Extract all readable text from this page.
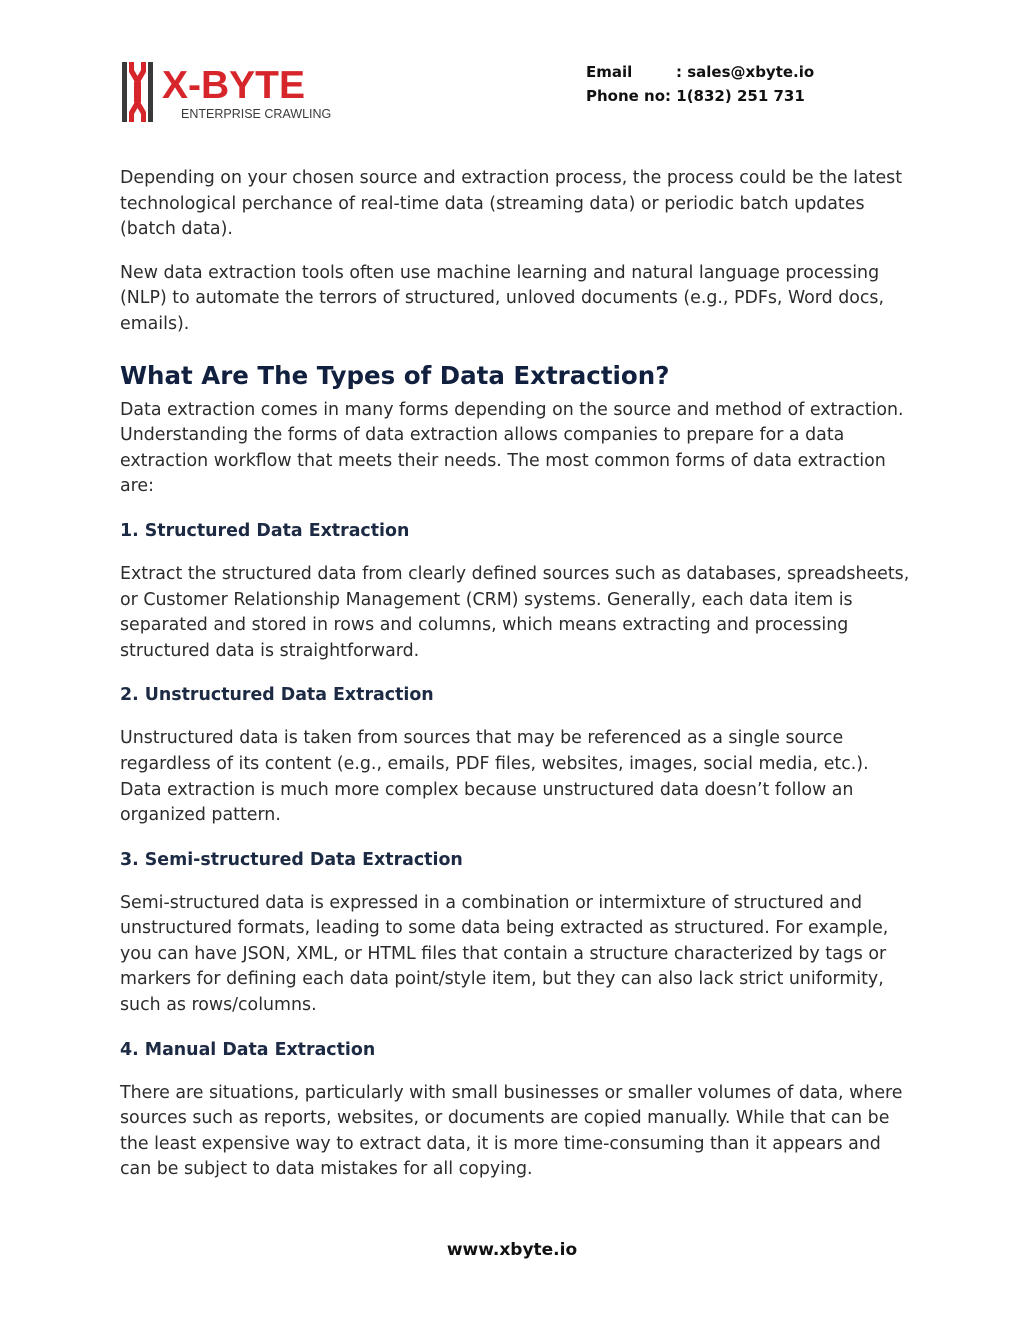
X-BYTE
ENTERPRISE CRAWLING
Email	: sales@xbyte.io
Phone no : 1(832) 251 731

Depending on your chosen source and extraction process, the process could be the latest technological perchance of real-time data (streaming data) or periodic batch updates (batch data).

New data extraction tools often use machine learning and natural language processing (NLP) to automate the terrors of structured, unloved documents (e.g., PDFs, Word docs, emails).

What Are The Types of Data Extraction?

Data extraction comes in many forms depending on the source and method of extraction. Understanding the forms of data extraction allows companies to prepare for a data extraction workflow that meets their needs. The most common forms of data extraction are:

1. Structured Data Extraction

Extract the structured data from clearly defined sources such as databases, spreadsheets, or Customer Relationship Management (CRM) systems. Generally, each data item is separated and stored in rows and columns, which means extracting and processing structured data is straightforward.

2. Unstructured Data Extraction

Unstructured data is taken from sources that may be referenced as a single source regardless of its content (e.g., emails, PDF files, websites, images, social media, etc.). Data extraction is much more complex because unstructured data doesn’t follow an organized pattern.

3. Semi-structured Data Extraction

Semi-structured data is expressed in a combination or intermixture of structured and unstructured formats, leading to some data being extracted as structured. For example, you can have JSON, XML, or HTML files that contain a structure characterized by tags or markers for defining each data point/style item, but they can also lack strict uniformity, such as rows/columns.

4. Manual Data Extraction

There are situations, particularly with small businesses or smaller volumes of data, where sources such as reports, websites, or documents are copied manually. While that can be the least expensive way to extract data, it is more time-consuming than it appears and can be subject to data mistakes for all copying.

www.xbyte.io
